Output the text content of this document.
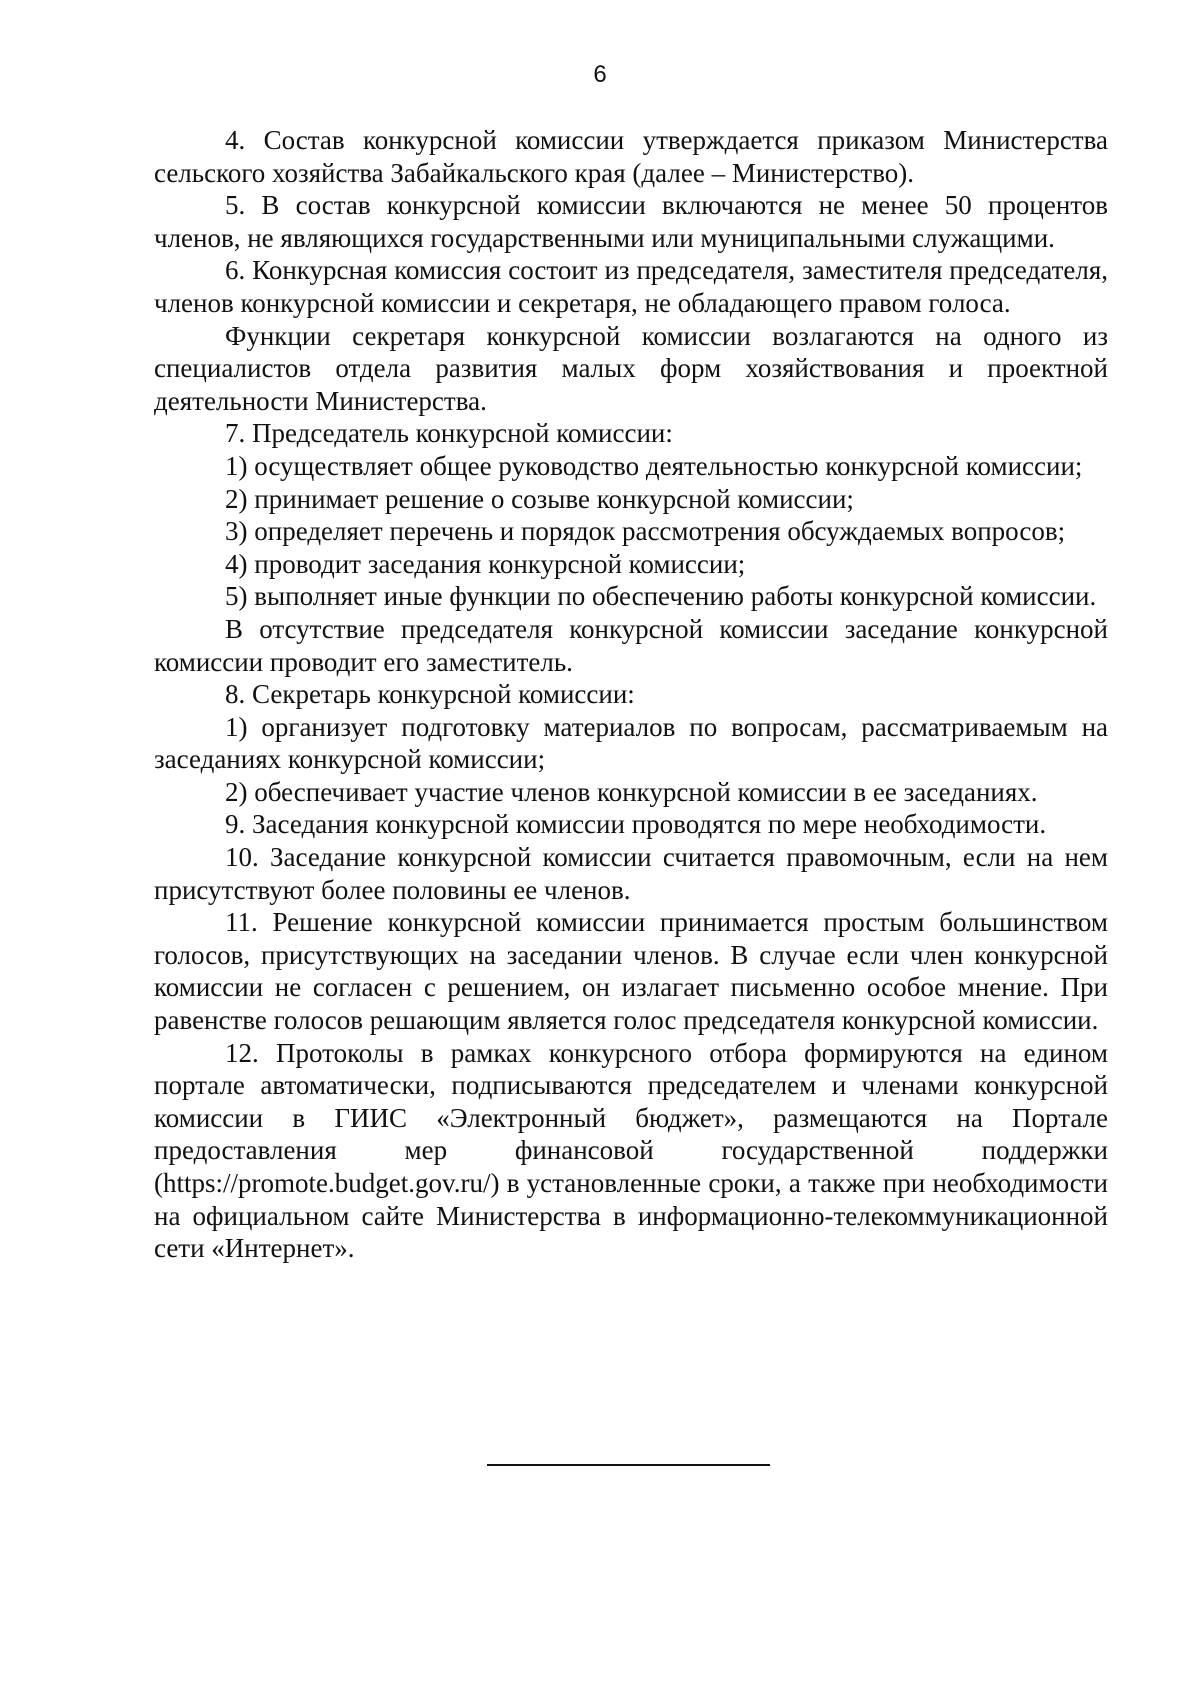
6

4. Состав конкурсной комиссии утверждается приказом Министерства сельского хозяйства Забайкальского края (далее – Министерство).

5. В состав конкурсной комиссии включаются не менее 50 процентов членов, не являющихся государственными или муниципальными служащими.

6. Конкурсная комиссия состоит из председателя, заместителя председателя, членов конкурсной комиссии и секретаря, не обладающего правом голоса.

Функции секретаря конкурсной комиссии возлагаются на одного из специалистов отдела развития малых форм хозяйствования и проектной деятельности Министерства.

7. Председатель конкурсной комиссии:

1) осуществляет общее руководство деятельностью конкурсной комиссии;

2) принимает решение о созыве конкурсной комиссии;

3) определяет перечень и порядок рассмотрения обсуждаемых вопросов;

4) проводит заседания конкурсной комиссии;

5) выполняет иные функции по обеспечению работы конкурсной комиссии.

В отсутствие председателя конкурсной комиссии заседание конкурсной комиссии проводит его заместитель.

8. Секретарь конкурсной комиссии:

1) организует подготовку материалов по вопросам, рассматриваемым на заседаниях конкурсной комиссии;

2) обеспечивает участие членов конкурсной комиссии в ее заседаниях.

9. Заседания конкурсной комиссии проводятся по мере необходимости.

10. Заседание конкурсной комиссии считается правомочным, если на нем присутствуют более половины ее членов.

11. Решение конкурсной комиссии принимается простым большинством голосов, присутствующих на заседании членов. В случае если член конкурсной комиссии не согласен с решением, он излагает письменно особое мнение. При равенстве голосов решающим является голос председателя конкурсной комиссии.

12. Протоколы в рамках конкурсного отбора формируются на едином портале автоматически, подписываются председателем и членами конкурсной комиссии в ГИИС «Электронный бюджет», размещаются на Портале предоставления мер финансовой государственной поддержки (https://promote.budget.gov.ru/) в установленные сроки, а также при необходимости на официальном сайте Министерства в информационно-телекоммуникационной сети «Интернет».
